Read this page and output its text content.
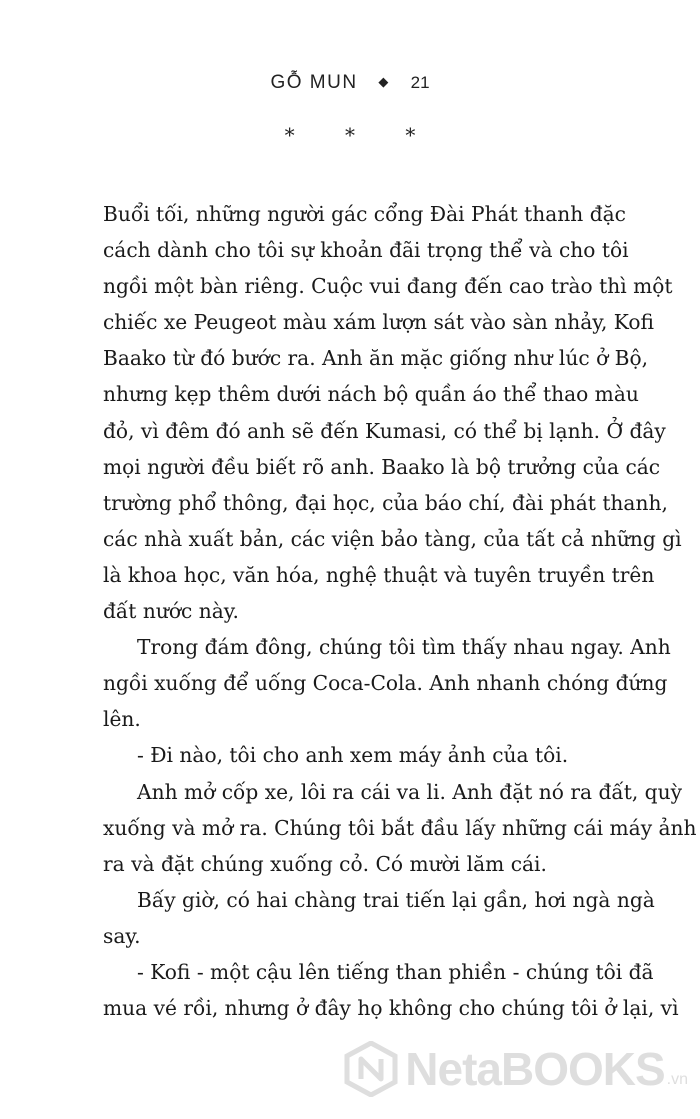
GỖ MUN ◆ 21
* * *
Buổi tối, những người gác cổng Đài Phát thanh đặc
cách dành cho tôi sự khoản đãi trọng thể và cho tôi
ngồi một bàn riêng. Cuộc vui đang đến cao trào thì một
chiếc xe Peugeot màu xám lượn sát vào sàn nhảy, Kofi
Baako từ đó bước ra. Anh ăn mặc giống như lúc ở Bộ,
nhưng kẹp thêm dưới nách bộ quần áo thể thao màu
đỏ, vì đêm đó anh sẽ đến Kumasi, có thể bị lạnh. Ở đây
mọi người đều biết rõ anh. Baako là bộ trưởng của các
trường phổ thông, đại học, của báo chí, đài phát thanh,
các nhà xuất bản, các viện bảo tàng, của tất cả những gì
là khoa học, văn hóa, nghệ thuật và tuyên truyền trên
đất nước này.
Trong đám đông, chúng tôi tìm thấy nhau ngay. Anh
ngồi xuống để uống Coca-Cola. Anh nhanh chóng đứng
lên.
- Đi nào, tôi cho anh xem máy ảnh của tôi.
Anh mở cốp xe, lôi ra cái va li. Anh đặt nó ra đất, quỳ
xuống và mở ra. Chúng tôi bắt đầu lấy những cái máy ảnh
ra và đặt chúng xuống cỏ. Có mười lăm cái.
Bấy giờ, có hai chàng trai tiến lại gần, hơi ngà ngà
say.
- Kofi - một cậu lên tiếng than phiền - chúng tôi đã
mua vé rồi, nhưng ở đây họ không cho chúng tôi ở lại, vì
NetaBOOKS .vn
